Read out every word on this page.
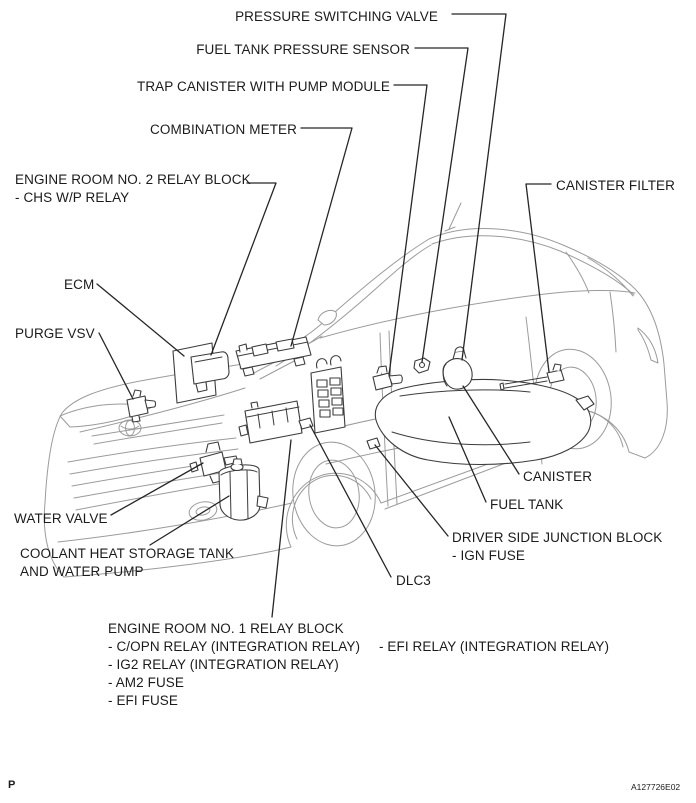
PRESSURE SWITCHING VALVE
FUEL TANK PRESSURE SENSOR
TRAP CANISTER WITH PUMP MODULE
COMBINATION METER
ENGINE ROOM NO. 2 RELAY BLOCK
- CHS W/P RELAY
ECM
PURGE VSV
CANISTER FILTER
CANISTER
FUEL TANK
DRIVER SIDE JUNCTION BLOCK
- IGN FUSE
DLC3
WATER VALVE
COOLANT HEAT STORAGE TANK
AND WATER PUMP
ENGINE ROOM NO. 1 RELAY BLOCK
- C/OPN RELAY (INTEGRATION RELAY) - EFI RELAY (INTEGRATION RELAY)
- IG2 RELAY (INTEGRATION RELAY)
- AM2 FUSE
- EFI FUSE
P	A127726E02
